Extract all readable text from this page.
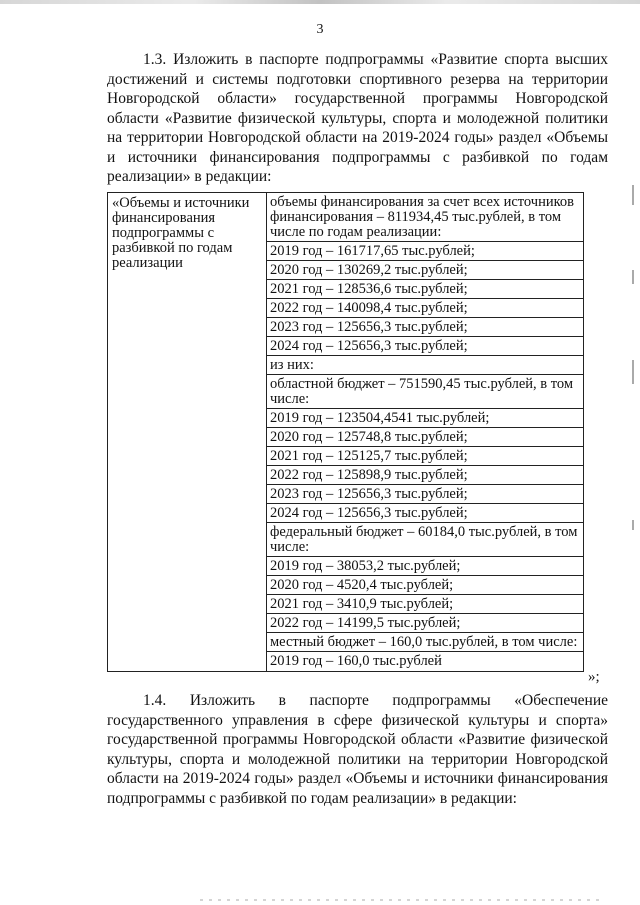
3

1.3. Изложить в паспорте подпрограммы «Развитие спорта высших достижений и системы подготовки спортивного резерва на территории Новгородской области» государственной программы Новгородской области «Развитие физической культуры, спорта и молодежной политики на территории Новгородской области на 2019-2024 годы» раздел «Объемы и источники финансирования подпрограммы с разбивкой по годам реализации» в редакции:

«Объемы и источники финансирования подпрограммы с разбивкой по годам реализации	
объемы финансирования за счет всех источников финансирования – 811934,45 тыс.рублей, в том числе по годам реализации:
2019 год – 161717,65 тыс.рублей;
2020 год – 130269,2 тыс.рублей;
2021 год – 128536,6 тыс.рублей;
2022 год – 140098,4 тыс.рублей;
2023 год – 125656,3 тыс.рублей;
2024 год – 125656,3 тыс.рублей;
из них:
областной бюджет – 751590,45 тыс.рублей, в том числе:
2019 год – 123504,4541 тыс.рублей;
2020 год – 125748,8 тыс.рублей;
2021 год – 125125,7 тыс.рублей;
2022 год – 125898,9 тыс.рублей;
2023 год – 125656,3 тыс.рублей;
2024 год – 125656,3 тыс.рублей;
федеральный бюджет – 60184,0 тыс.рублей, в том числе:
2019 год – 38053,2 тыс.рублей;
2020 год – 4520,4 тыс.рублей;
2021 год – 3410,9 тыс.рублей;
2022 год – 14199,5 тыс.рублей;
местный бюджет – 160,0 тыс.рублей, в том числе:
2019 год – 160,0 тыс.рублей
»;

1.4. Изложить в паспорте подпрограммы «Обеспечение государственного управления в сфере физической культуры и спорта» государственной программы Новгородской области «Развитие физической культуры, спорта и молодежной политики на территории Новгородской области на 2019-2024 годы» раздел «Объемы и источники финансирования подпрограммы с разбивкой по годам реализации» в редакции:
